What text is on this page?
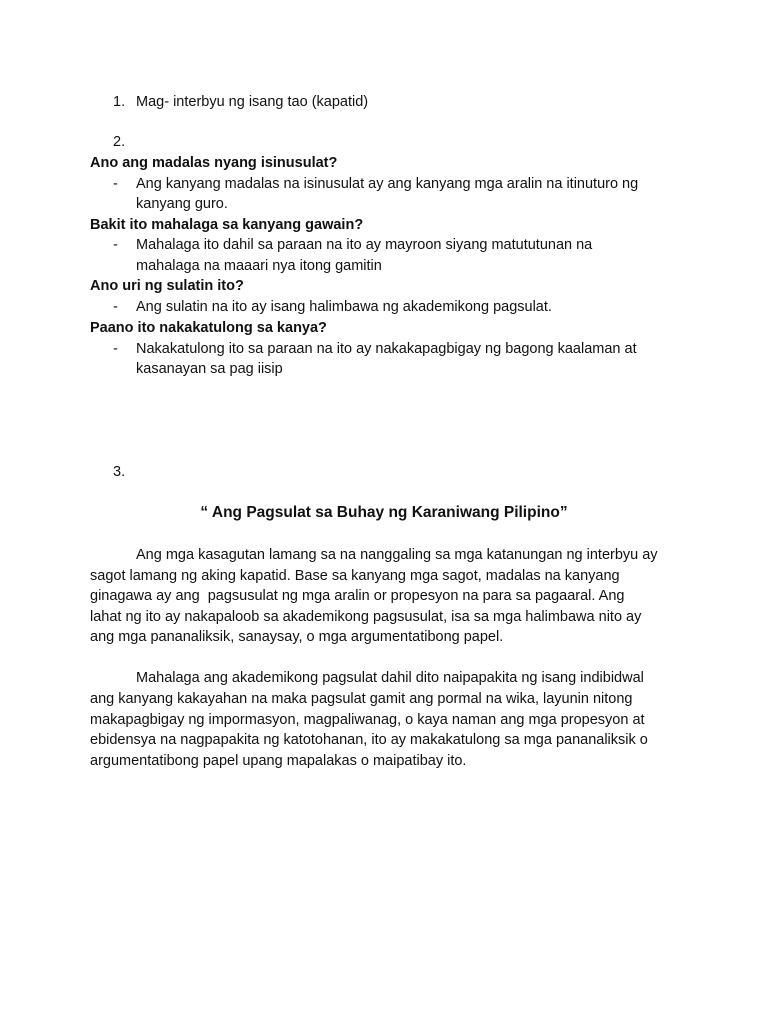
1. Mag- interbyu ng isang tao (kapatid)
2.
Ano ang madalas nyang isinusulat?
- Ang kanyang madalas na isinusulat ay ang kanyang mga aralin na itinuturo ng
kanyang guro.
Bakit ito mahalaga sa kanyang gawain?
- Mahalaga ito dahil sa paraan na ito ay mayroon siyang matututunan na
mahalaga na maaari nya itong gamitin
Ano uri ng sulatin ito?
- Ang sulatin na ito ay isang halimbawa ng akademikong pagsulat.
Paano ito nakakatulong sa kanya?
- Nakakatulong ito sa paraan na ito ay nakakapagbigay ng bagong kaalaman at
kasanayan sa pag iisip
3.
“ Ang Pagsulat sa Buhay ng Karaniwang Pilipino”
Ang mga kasagutan lamang sa na nanggaling sa mga katanungan ng interbyu ay
sagot lamang ng aking kapatid. Base sa kanyang mga sagot, madalas na kanyang
ginagawa ay ang  pagsusulat ng mga aralin or propesyon na para sa pagaaral. Ang
lahat ng ito ay nakapaloob sa akademikong pagsusulat, isa sa mga halimbawa nito ay
ang mga pananaliksik, sanaysay, o mga argumentatibong papel.
Mahalaga ang akademikong pagsulat dahil dito naipapakita ng isang indibidwal
ang kanyang kakayahan na maka pagsulat gamit ang pormal na wika, layunin nitong
makapagbigay ng impormasyon, magpaliwanag, o kaya naman ang mga propesyon at
ebidensya na nagpapakita ng katotohanan, ito ay makakatulong sa mga pananaliksik o
argumentatibong papel upang mapalakas o maipatibay ito.
